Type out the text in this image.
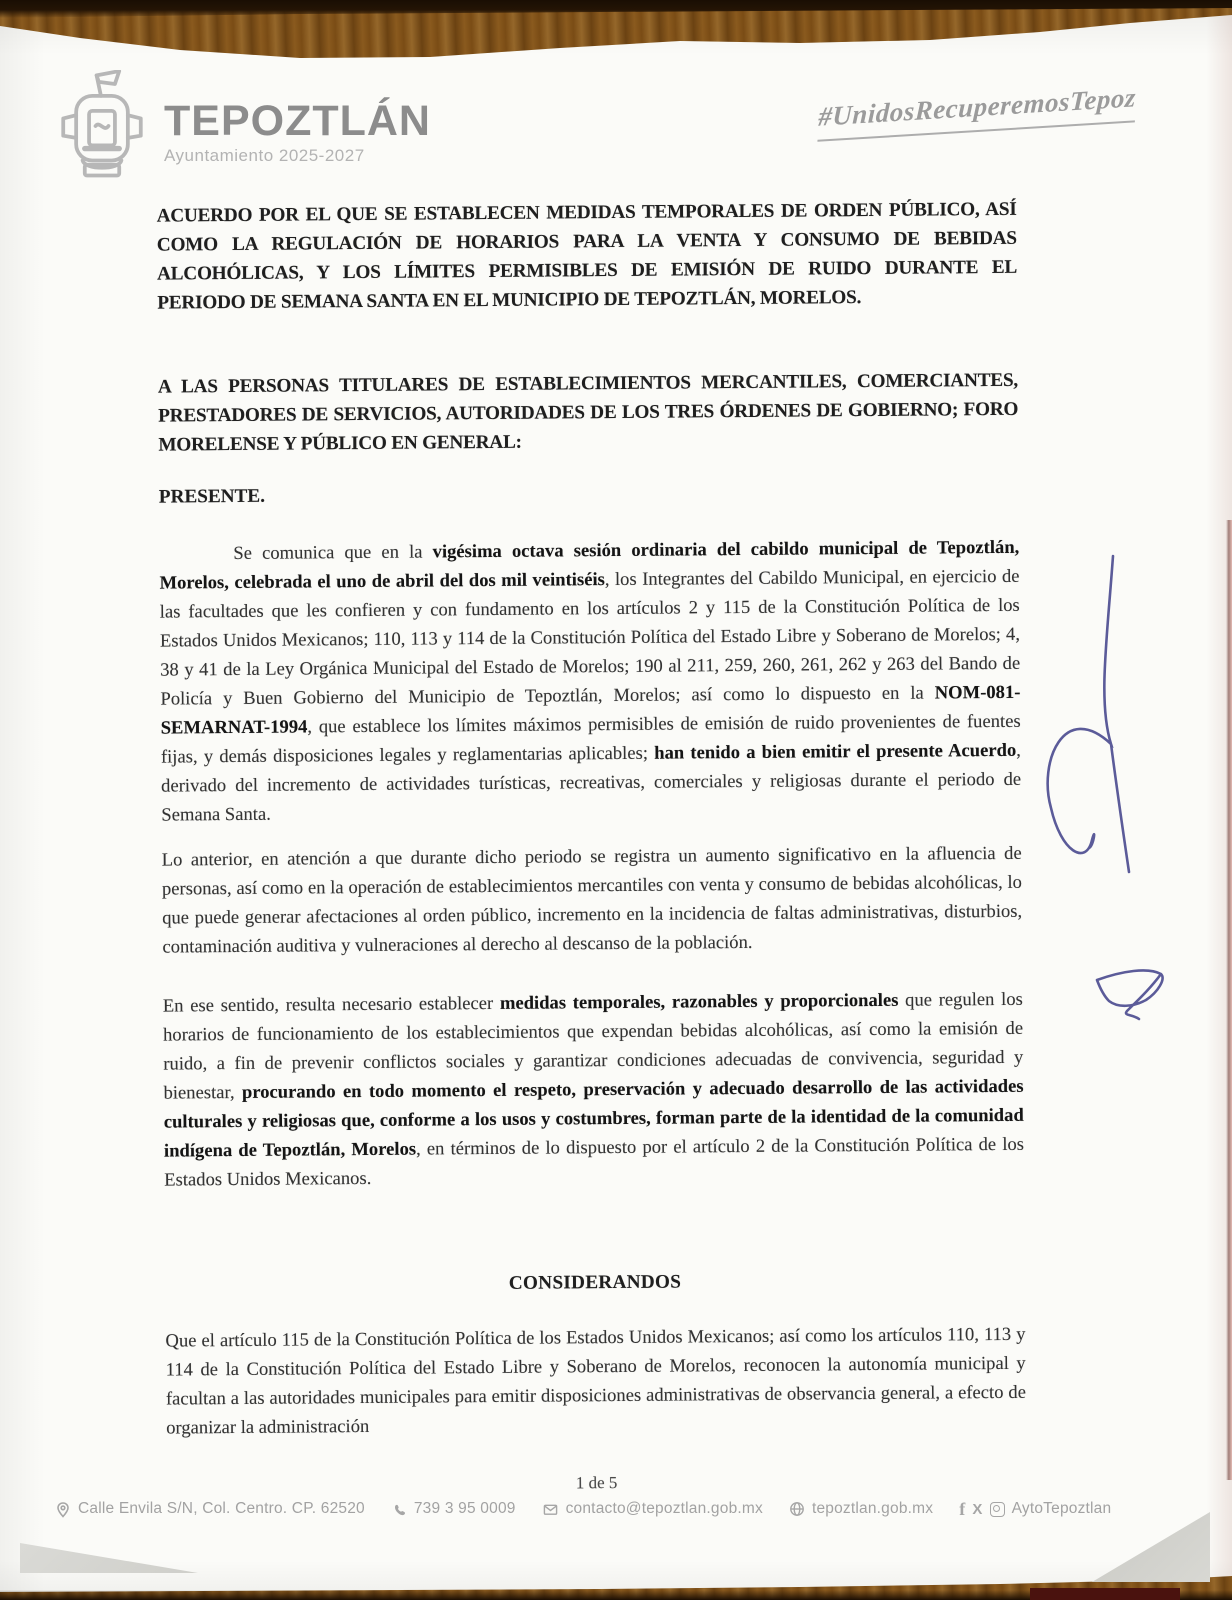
TEPOZTLÁN
Ayuntamiento 2025-2027
#UnidosRecuperemosTepoz
ACUERDO POR EL QUE SE ESTABLECEN MEDIDAS TEMPORALES DE ORDEN PÚBLICO, ASÍ COMO LA REGULACIÓN DE HORARIOS PARA LA VENTA Y CONSUMO DE BEBIDAS ALCOHÓLICAS, Y LOS LÍMITES PERMISIBLES DE EMISIÓN DE RUIDO DURANTE EL PERIODO DE SEMANA SANTA EN EL MUNICIPIO DE TEPOZTLÁN, MORELOS.
A LAS PERSONAS TITULARES DE ESTABLECIMIENTOS MERCANTILES, COMERCIANTES, PRESTADORES DE SERVICIOS, AUTORIDADES DE LOS TRES ÓRDENES DE GOBIERNO; FORO MORELENSE Y PÚBLICO EN GENERAL:
PRESENTE.
Se comunica que en la vigésima octava sesión ordinaria del cabildo municipal de Tepoztlán, Morelos, celebrada el uno de abril del dos mil veintiséis, los Integrantes del Cabildo Municipal, en ejercicio de las facultades que les confieren y con fundamento en los artículos 2 y 115 de la Constitución Política de los Estados Unidos Mexicanos; 110, 113 y 114 de la Constitución Política del Estado Libre y Soberano de Morelos; 4, 38 y 41 de la Ley Orgánica Municipal del Estado de Morelos; 190 al 211, 259, 260, 261, 262 y 263 del Bando de Policía y Buen Gobierno del Municipio de Tepoztlán, Morelos; así como lo dispuesto en la NOM-081-SEMARNAT-1994, que establece los límites máximos permisibles de emisión de ruido provenientes de fuentes fijas, y demás disposiciones legales y reglamentarias aplicables; han tenido a bien emitir el presente Acuerdo, derivado del incremento de actividades turísticas, recreativas, comerciales y religiosas durante el periodo de Semana Santa.
Lo anterior, en atención a que durante dicho periodo se registra un aumento significativo en la afluencia de personas, así como en la operación de establecimientos mercantiles con venta y consumo de bebidas alcohólicas, lo que puede generar afectaciones al orden público, incremento en la incidencia de faltas administrativas, disturbios, contaminación auditiva y vulneraciones al derecho al descanso de la población.
En ese sentido, resulta necesario establecer medidas temporales, razonables y proporcionales que regulen los horarios de funcionamiento de los establecimientos que expendan bebidas alcohólicas, así como la emisión de ruido, a fin de prevenir conflictos sociales y garantizar condiciones adecuadas de convivencia, seguridad y bienestar, procurando en todo momento el respeto, preservación y adecuado desarrollo de las actividades culturales y religiosas que, conforme a los usos y costumbres, forman parte de la identidad de la comunidad indígena de Tepoztlán, Morelos, en términos de lo dispuesto por el artículo 2 de la Constitución Política de los Estados Unidos Mexicanos.
CONSIDERANDOS
Que el artículo 115 de la Constitución Política de los Estados Unidos Mexicanos; así como los artículos 110, 113 y 114 de la Constitución Política del Estado Libre y Soberano de Morelos, reconocen la autonomía municipal y facultan a las autoridades municipales para emitir disposiciones administrativas de observancia general, a efecto de organizar la administración
1 de 5
Calle Envila S/N, Col. Centro. CP. 62520	739 3 95 0009	contacto@tepoztlan.gob.mx	tepoztlan.gob.mx f X AytoTepoztlan
